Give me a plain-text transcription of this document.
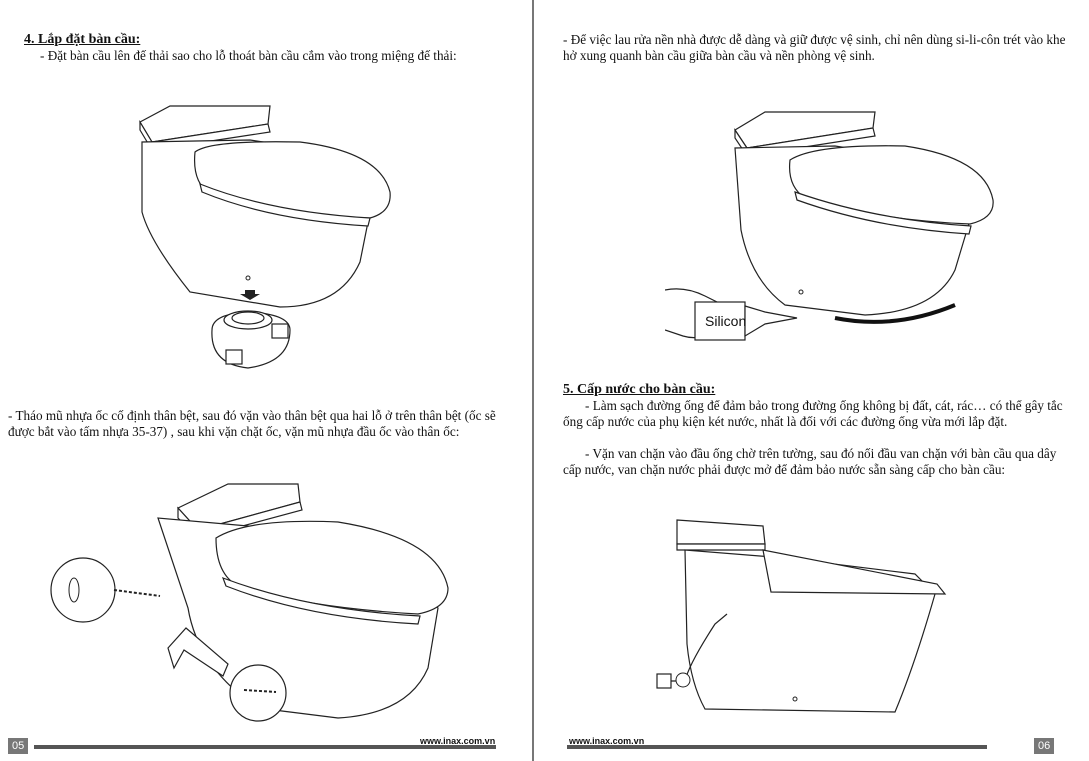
4. Lắp đặt bàn cầu:

- Đặt bàn cầu lên đế thải sao cho lỗ thoát bàn cầu cắm vào trong miệng đế thải:

- Tháo mũ nhựa ốc cố định thân bệt, sau đó vặn vào thân bệt qua hai lỗ ở trên thân bệt (ốc sẽ được bắt vào tấm nhựa 35-37) , sau khi vặn chặt ốc, vặn mũ nhựa đầu ốc vào thân ốc:

05	www.inax.com.vn

- Để việc lau rửa nền nhà được dễ dàng và giữ được vệ sinh, chỉ nên dùng si-li-côn trét vào khe hở xung quanh bàn cầu giữa bàn cầu và nền phòng vệ sinh.

Silicon

5. Cấp nước cho bàn cầu:

- Làm sạch đường ống để đảm bảo trong đường ống không bị đất, cát, rác… có thể gây tắc ống cấp nước của phụ kiện két nước, nhất là đối với các đường ống vừa mới lắp đặt.

- Vặn van chặn vào đầu ống chờ trên tường, sau đó nối đầu van chặn với bàn cầu qua dây cấp nước, van chặn nước phải được mở để đảm bảo nước sẵn sàng cấp cho bàn cầu:

www.inax.com.vn	06
